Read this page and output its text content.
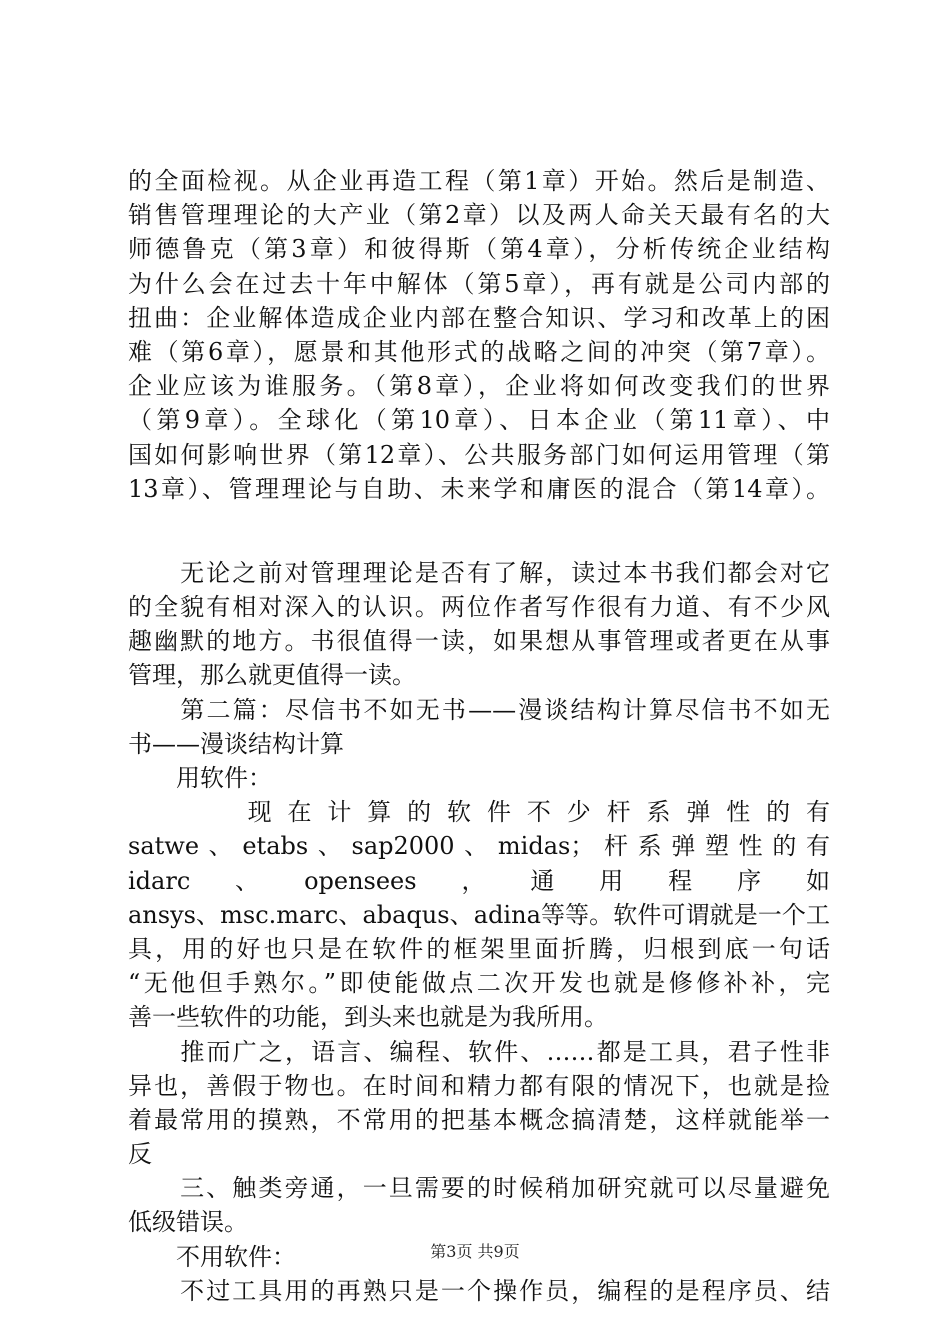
的全面检视。从企业再造工程（第1章）开始。然后是制造、
销售管理理论的大产业（第2章）以及两人命关天最有名的大
师德鲁克（第3章）和彼得斯（第4章），分析传统企业结构
为什么会在过去十年中解体（第5章），再有就是公司内部的
扭曲：企业解体造成企业内部在整合知识、学习和改革上的困
难（第6章），愿景和其他形式的战略之间的冲突（第7章）。
企业应该为谁服务。（第8章），企业将如何改变我们的世界
（第9章）。全球化（第10章）、日本企业（第11章）、中
国如何影响世界（第12章）、公共服务部门如何运用管理（第
13章）、管理理论与自助、未来学和庸医的混合（第14章）。
　　无论之前对管理理论是否有了解，读过本书我们都会对它
的全貌有相对深入的认识。两位作者写作很有力道、有不少风
趣幽默的地方。书很值得一读，如果想从事管理或者更在从事
管理，那么就更值得一读。
　　第二篇：尽信书不如无书——漫谈结构计算尽信书不如无
书——漫谈结构计算
　　用软件：
　　　现在计算的软件不少杆系弹性的有
satwe、etabs、sap2000、midas；杆系弹塑性的有
idarc、opensees，通用程序如
ansys、msc.marc、abaqus、adina等等。软件可谓就是一个工
具，用的好也只是在软件的框架里面折腾，归根到底一句话
“无他但手熟尔。”即使能做点二次开发也就是修修补补，完
善一些软件的功能，到头来也就是为我所用。
　　推而广之，语言、编程、软件、……都是工具，君子性非
异也，善假于物也。在时间和精力都有限的情况下，也就是捡
着最常用的摸熟，不常用的把基本概念搞清楚，这样就能举一
反
　　三、触类旁通，一旦需要的时候稍加研究就可以尽量避免
低级错误。
　　不用软件：
　　不过工具用的再熟只是一个操作员，编程的是程序员、结
第3页 共9页
